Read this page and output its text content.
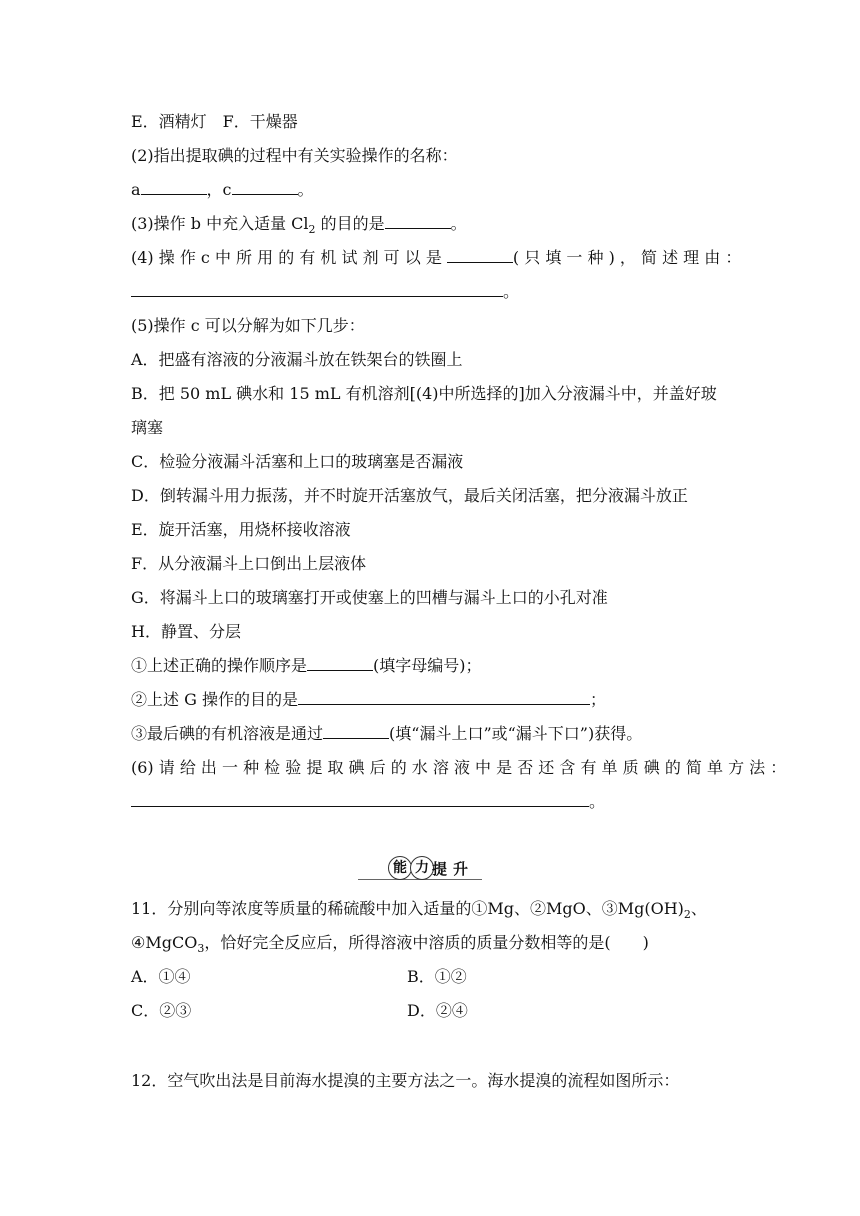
E．酒精灯　F．干燥器
(2)指出提取碘的过程中有关实验操作的名称：
a	，c	。
(3)操作 b 中充入适量 $Cl_2$ 的目的是	。
(4) 操 作 c 中 所 用 的 有 机 试 剂 可 以 是	( 只 填 一 种 ) ， 简 述 理 由 ：
。
(5)操作 c 可以分解为如下几步：
A．把盛有溶液的分液漏斗放在铁架台的铁圈上
B．把 50 mL 碘水和 15 mL 有机溶剂[(4)中所选择的]加入分液漏斗中，并盖好玻
璃塞
C．检验分液漏斗活塞和上口的玻璃塞是否漏液
D．倒转漏斗用力振荡，并不时旋开活塞放气，最后关闭活塞，把分液漏斗放正
E．旋开活塞，用烧杯接收溶液
F．从分液漏斗上口倒出上层液体
G．将漏斗上口的玻璃塞打开或使塞上的凹槽与漏斗上口的小孔对准
H．静置、分层
①上述正确的操作顺序是	(填字母编号)；
②上述 G 操作的目的是	；
③最后碘的有机溶液是通过	(填“漏斗上口”或“漏斗下口”)获得。
(6) 请 给 出 一 种 检 验 提 取 碘 后 的 水 溶 液 中 是 否 还 含 有 单 质 碘 的 简 单 方 法 ：
。
能 力 提升
11．分别向等浓度等质量的稀硫酸中加入适量的①Mg、②MgO、$③Mg(OH)_2$、
④MgCO$_3$，恰好完全反应后，所得溶液中溶质的质量分数相等的是(　　)
A．①④	B．①②
C．②③	D．②④
12．空气吹出法是目前海水提溴的主要方法之一。海水提溴的流程如图所示：
